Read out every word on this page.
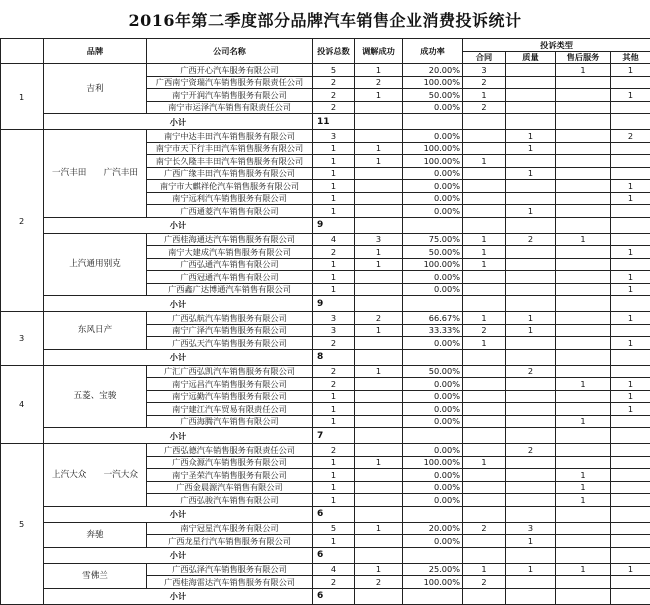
2016年第二季度部分品牌汽车销售企业消费投诉统计
	品牌	公司名称	投诉总数	调解成功	成功率	投诉类型			
						合同	质量	售后服务	其他
1	吉利	广西开心汽车服务有限公司	5	1	20.00%	3		1	1
		广西南宁资瑞汽车销售服务有限责任公司	2	2	100.00%	2			
		南宁开润汽车销售服务有限公司	2	1	50.00%	1			1
		南宁市运泽汽车销售有限责任公司	2		0.00%	2			
	小计		11						
2	一汽丰田　　广汽丰田	南宁中达丰田汽车销售服务有限公司	3		0.00%		1		2
		南宁市天下行丰田汽车销售服务有限公司	1	1	100.00%		1		
		南宁长久隆丰丰田汽车销售服务有限公司	1	1	100.00%	1			
		广西广缘丰田汽车销售服务有限公司	1		0.00%		1		
		南宁市大麒祥伦汽车销售服务有限公司	1		0.00%				1
		南宁远利汽车销售服务有限公司	1		0.00%				1
		广西通菱汽车销售有限公司	1		0.00%		1		
	小计		9						
	上汽通用别克	广西桂海通达汽车销售服务有限公司	4	3	75.00%	1	2	1	
		南宁大建成汽车销售服务有限公司	2	1	50.00%	1			1
		广西弘通汽车销售有限公司	1	1	100.00%	1			
		广西冠通汽车销售有限公司	1		0.00%				1
		广西鑫广达博通汽车销售有限公司	1		0.00%				1
	小计		9						
3	东风日产	广西弘航汽车销售服务有限公司	3	2	66.67%	1	1		1
		南宁广泽汽车销售服务有限公司	3	1	33.33%	2	1		
		广西弘天汽车销售服务有限公司	2		0.00%	1			1
	小计		8						
4	五菱、宝骏	广汇广西弘凯汽车销售服务有限公司	2	1	50.00%		2		
		南宁远昌汽车销售服务有限公司	2		0.00%			1	1
		南宁远勤汽车销售服务有限公司	1		0.00%				1
		南宁建江汽车贸易有限责任公司	1		0.00%				1
		广西海腾汽车销售有限公司	1		0.00%			1	
	小计		7						
5	上汽大众　　一汽大众	广西弘德汽车销售服务有限责任公司	2		0.00%		2		
		广西众源汽车销售服务有限公司	1	1	100.00%	1			
		南宁圣荣汽车销售服务有限公司	1		0.00%			1	
		广西金晨源汽车销售有限公司	1		0.00%			1	
		广西弘骏汽车销售有限公司	1		0.00%			1	
	小计		6						
	奔驰	南宁冠星汽车服务有限公司	5	1	20.00%	2	3		
		广西龙星行汽车销售服务有限公司	1		0.00%		1		
	小计		6						
	雪佛兰	广西弘泽汽车销售服务有限公司	4	1	25.00%	1	1	1	1
		广西桂海雷达汽车销售服务有限公司	2	2	100.00%	2			
	小计		6						
